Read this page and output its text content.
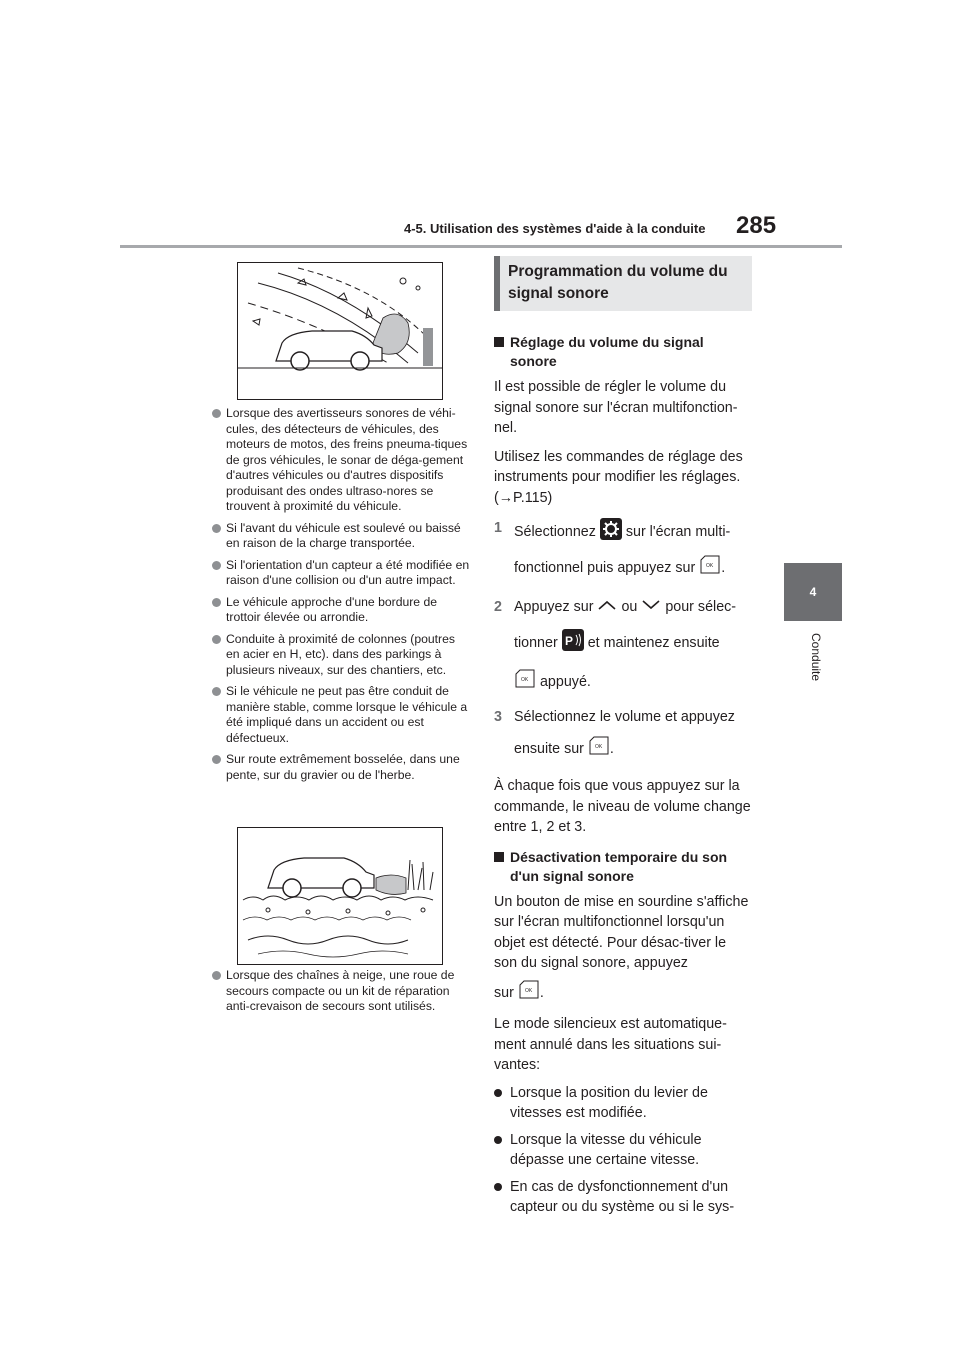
4-5. Utilisation des systèmes d'aide à la conduite 285
4
Conduite
Lorsque des avertisseurs sonores de véhi-cules, des détecteurs de véhicules, des moteurs de motos, des freins pneuma-tiques de gros véhicules, le sonar de déga-gement d'autres véhicules ou d'autres dispositifs produisant des ondes ultraso-nores se trouvent à proximité du véhicule.
Si l'avant du véhicule est soulevé ou baissé en raison de la charge transportée.
Si l'orientation d'un capteur a été modifiée en raison d'une collision ou d'un autre impact.
Le véhicule approche d'une bordure de trottoir élevée ou arrondie.
Conduite à proximité de colonnes (poutres en acier en H, etc). dans des parkings à plusieurs niveaux, sur des chantiers, etc.
Si le véhicule ne peut pas être conduit de manière stable, comme lorsque le véhicule a été impliqué dans un accident ou est défectueux.
Sur route extrêmement bosselée, dans une pente, sur du gravier ou de l'herbe.
Lorsque des chaînes à neige, une roue de secours compacte ou un kit de réparation anti-crevaison de secours sont utilisés.
Programmation du volume du signal sonore
Réglage du volume du signal sonore

Il est possible de régler le volume du signal sonore sur l'écran multifonction-nel.

Utilisez les commandes de réglage des instruments pour modifier les réglages. (→P.115)

1 Sélectionnez sur l'écran multi-
fonctionnel puis appuyez sur OK .
2 Appuyez sur ou pour sélec-
tionner P et maintenez ensuite
OK appuyé.
3 Sélectionnez le volume et appuyez
ensuite sur OK .

À chaque fois que vous appuyez sur la commande, le niveau de volume change entre 1, 2 et 3.

Désactivation temporaire du son d'un signal sonore

Un bouton de mise en sourdine s'affiche sur l'écran multifonctionnel lorsqu'un objet est détecté. Pour désac-tiver le son du signal sonore, appuyez

sur OK .

Le mode silencieux est automatique-ment annulé dans les situations sui-vantes:

Lorsque la position du levier de vitesses est modifiée.
Lorsque la vitesse du véhicule dépasse une certaine vitesse.
En cas de dysfonctionnement d'un capteur ou du système ou si le sys-
